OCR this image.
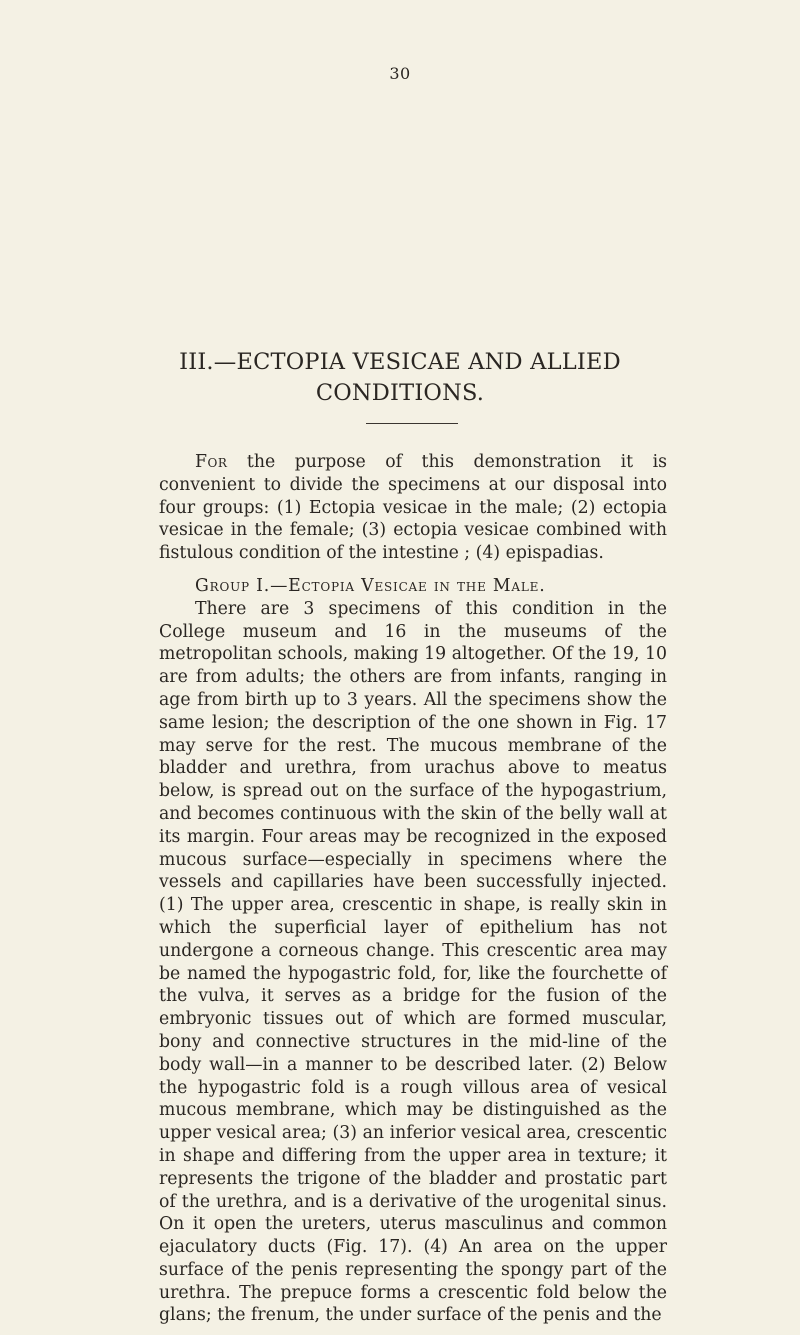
30
III.—ECTOPIA VESICAE AND ALLIED
CONDITIONS.

For the purpose of this demonstration it is convenient to divide the specimens at our disposal into four groups: (1) Ectopia vesicae in the male; (2) ectopia vesicae in the female; (3) ectopia vesicae combined with fistulous condition of the intestine ; (4) epispadias.

Group I.—Ectopia Vesicae in the Male.

There are 3 specimens of this condition in the College museum and 16 in the museums of the metropolitan schools, making 19 altogether. Of the 19, 10 are from adults; the others are from infants, ranging in age from birth up to 3 years. All the specimens show the same lesion; the description of the one shown in Fig. 17 may serve for the rest. The mucous membrane of the bladder and urethra, from urachus above to meatus below, is spread out on the surface of the hypogastrium, and becomes continuous with the skin of the belly wall at its margin. Four areas may be recognized in the exposed mucous surface—especially in specimens where the vessels and capillaries have been successfully injected. (1) The upper area, crescentic in shape, is really skin in which the superficial layer of epithelium has not undergone a corneous change. This crescentic area may be named the hypogastric fold, for, like the fourchette of the vulva, it serves as a bridge for the fusion of the embryonic tissues out of which are formed muscular, bony and connective structures in the mid-line of the body wall—in a manner to be described later. (2) Below the hypogastric fold is a rough villous area of vesical mucous membrane, which may be distinguished as the upper vesical area; (3) an inferior vesical area, crescentic in shape and differing from the upper area in texture; it represents the trigone of the bladder and prostatic part of the urethra, and is a derivative of the urogenital sinus. On it open the ureters, uterus masculinus and common ejaculatory ducts (Fig. 17). (4) An area on the upper surface of the penis representing the spongy part of the urethra. The prepuce forms a crescentic fold below the glans; the frenum, the under surface of the penis and the
